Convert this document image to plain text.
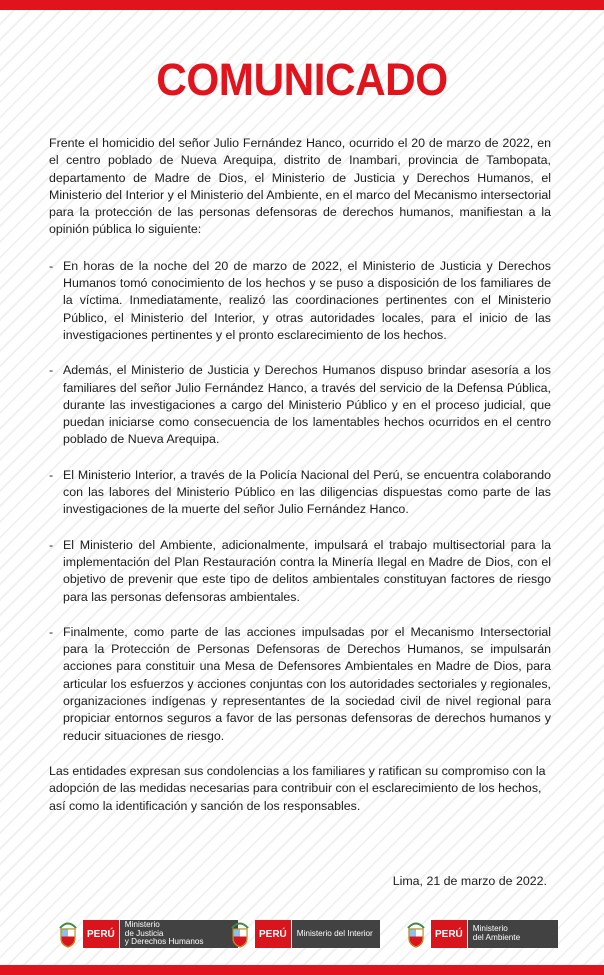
COMUNICADO

Frente el homicidio del señor Julio Fernández Hanco, ocurrido el 20 de marzo de 2022, en el centro poblado de Nueva Arequipa, distrito de Inambari, provincia de Tambopata, departamento de Madre de Dios, el Ministerio de Justicia y Derechos Humanos, el Ministerio del Interior y el Ministerio del Ambiente, en el marco del Mecanismo intersectorial para la protección de las personas defensoras de derechos humanos, manifiestan a la opinión pública lo siguiente:

- En horas de la noche del 20 de marzo de 2022, el Ministerio de Justicia y Derechos Humanos tomó conocimiento de los hechos y se puso a disposición de los familiares de la víctima. Inmediatamente, realizó las coordinaciones pertinentes con el Ministerio Público, el Ministerio del Interior, y otras autoridades locales, para el inicio de las investigaciones pertinentes y el pronto esclarecimiento de los hechos.
- Además, el Ministerio de Justicia y Derechos Humanos dispuso brindar asesoría a los familiares del señor Julio Fernández Hanco, a través del servicio de la Defensa Pública, durante las investigaciones a cargo del Ministerio Público y en el proceso judicial, que puedan iniciarse como consecuencia de los lamentables hechos ocurridos en el centro poblado de Nueva Arequipa.
- El Ministerio Interior, a través de la Policía Nacional del Perú, se encuentra colaborando con las labores del Ministerio Público en las diligencias dispuestas como parte de las investigaciones de la muerte del señor Julio Fernández Hanco.
- El Ministerio del Ambiente, adicionalmente, impulsará el trabajo multisectorial para la implementación del Plan Restauración contra la Minería Ilegal en Madre de Dios, con el objetivo de prevenir que este tipo de delitos ambientales constituyan factores de riesgo para las personas defensoras ambientales.
- Finalmente, como parte de las acciones impulsadas por el Mecanismo Intersectorial para la Protección de Personas Defensoras de Derechos Humanos, se impulsarán acciones para constituir una Mesa de Defensores Ambientales en Madre de Dios, para articular los esfuerzos y acciones conjuntas con los autoridades sectoriales y regionales, organizaciones indígenas y representantes de la sociedad civil de nivel regional para propiciar entornos seguros a favor de las personas defensoras de derechos humanos y reducir situaciones de riesgo.

Las entidades expresan sus condolencias a los familiares y ratifican su compromiso con la adopción de las medidas necesarias para contribuir con el esclarecimiento de los hechos, así como la identificación y sanción de los responsables.

Lima, 21 de marzo de 2022.
PERÚ
Ministerio
de Justicia
y Derechos Humanos
PERÚ	Ministerio del Interior	PERÚ	Ministerio
del Ambiente
